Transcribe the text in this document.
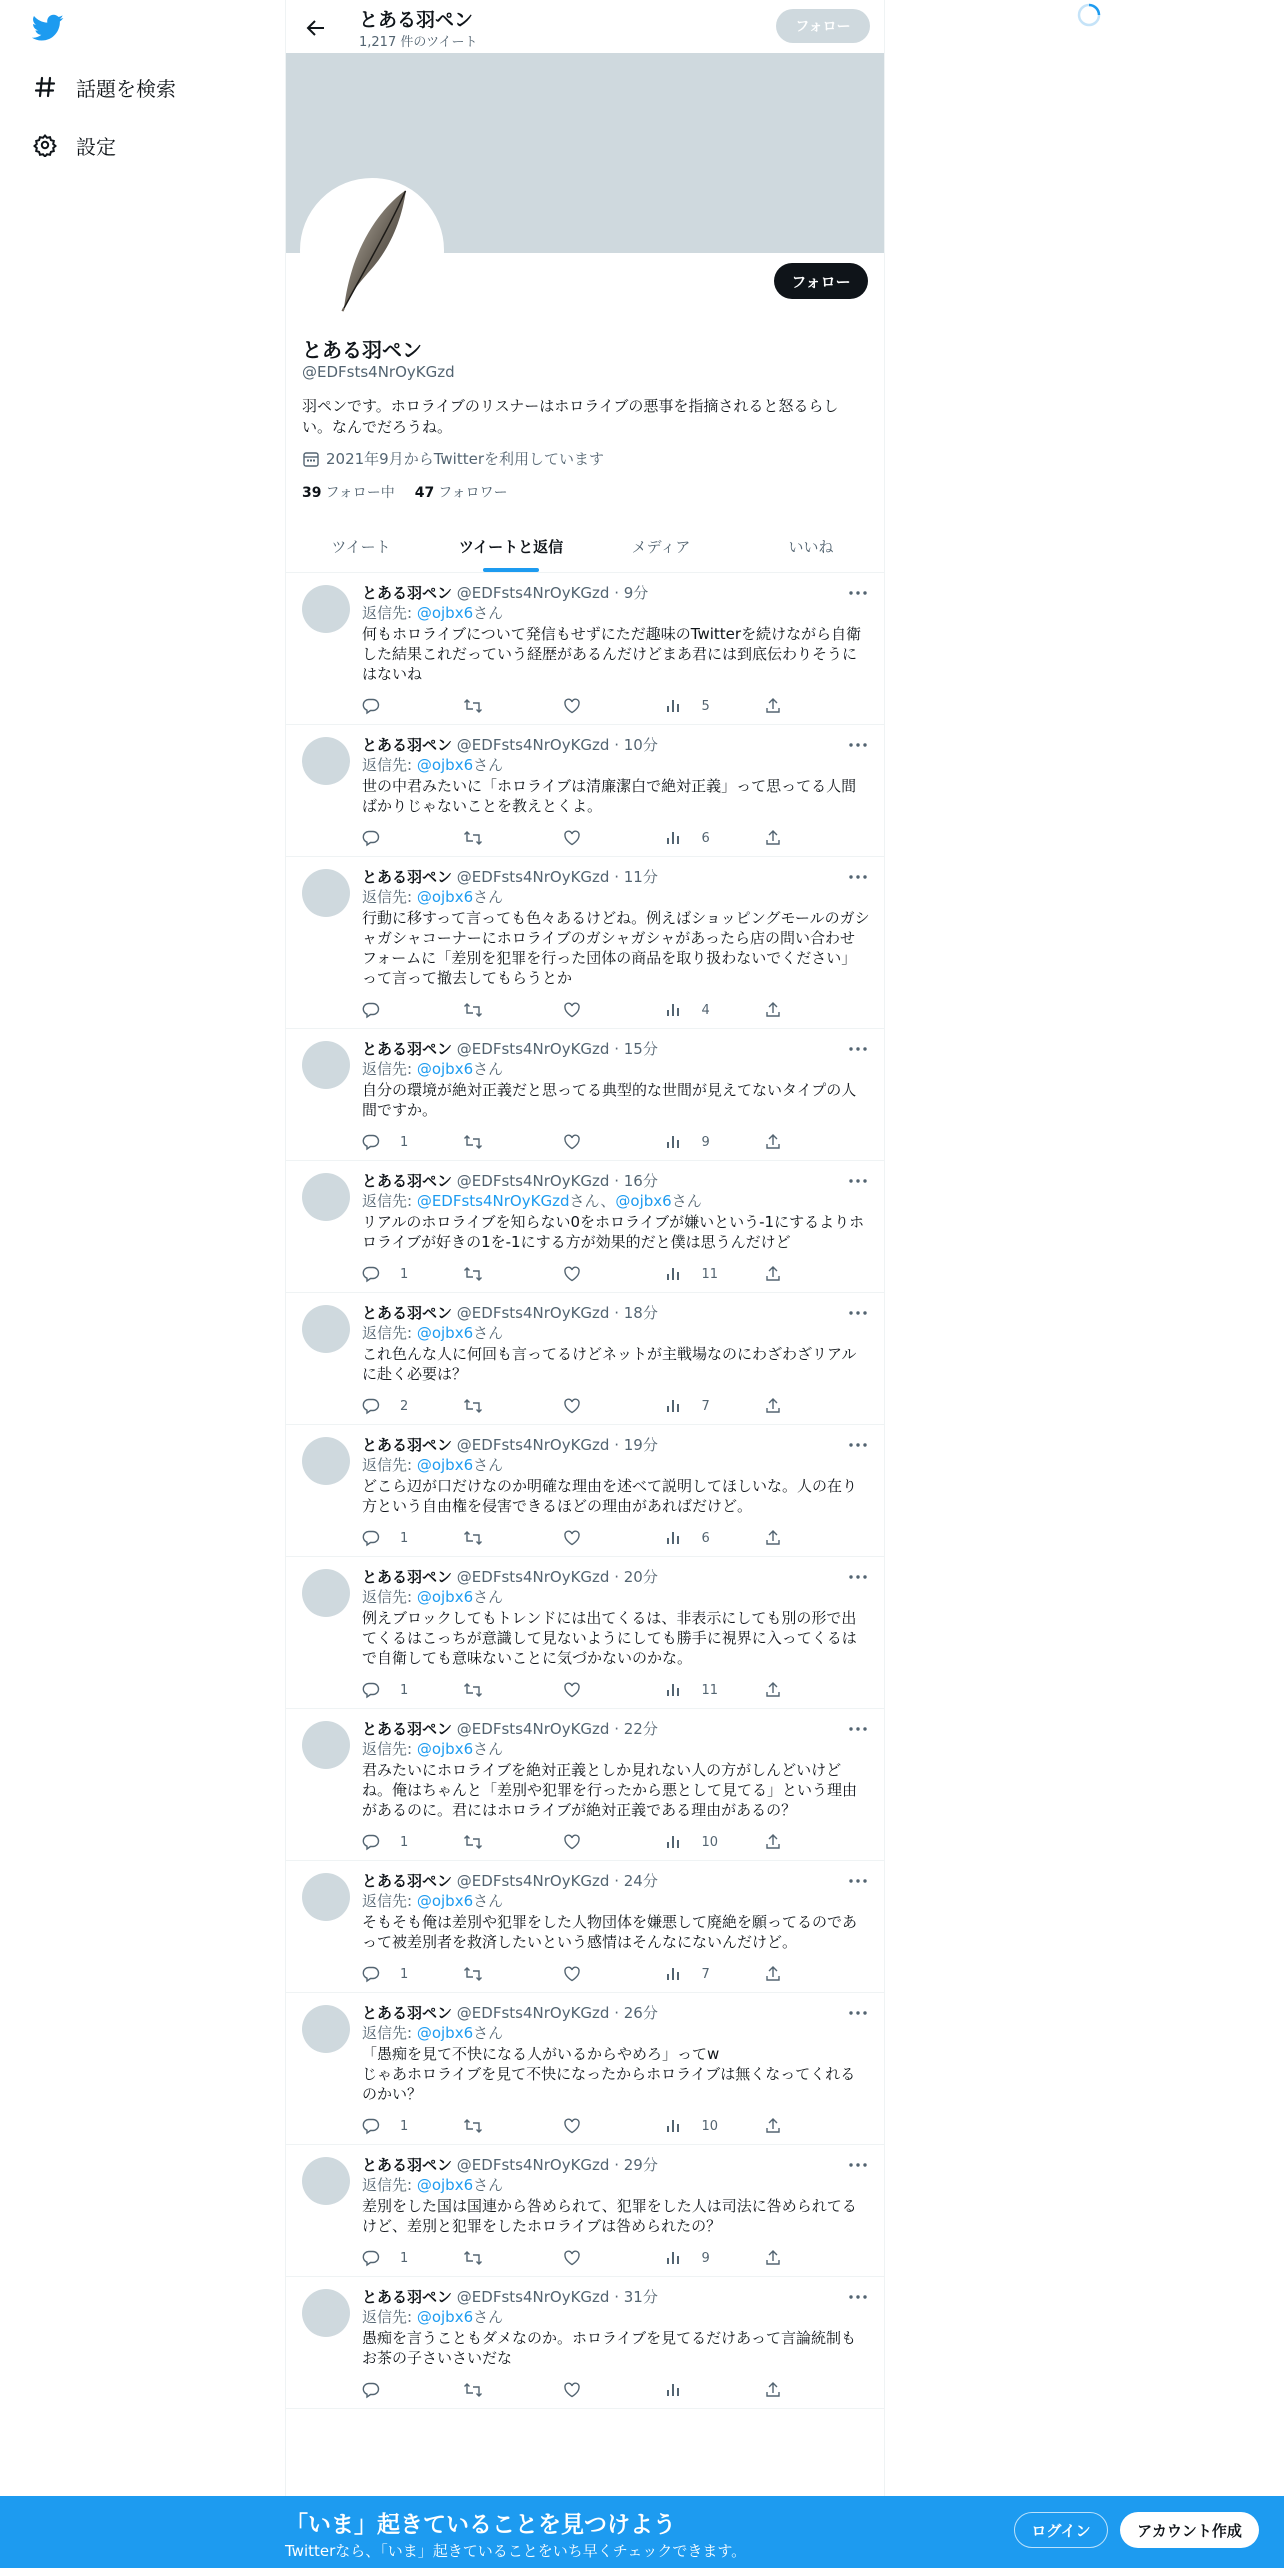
話題を検索
設定
とある羽ペン
1,217 件のツイート
フォロー
フォロー
とある羽ペン
@EDFsts4NrOyKGzd
羽ペンです。ホロライブのリスナーはホロライブの悪事を指摘されると怒るらしい。なんでだろうね。
2021年9月からTwitterを利用しています
39 フォロー中 47 フォロワー
ツイート	ツイートと返信	メディア	いいね
とある羽ペン @EDFsts4NrOyKGzd · 9分
返信先: @ojbx6さん
何もホロライブについて発信もせずにただ趣味のTwitterを続けながら自衛した結果これだっていう経歴があるんだけどまあ君には到底伝わりそうにはないね
5
とある羽ペン @EDFsts4NrOyKGzd · 10分
返信先: @ojbx6さん
世の中君みたいに「ホロライブは清廉潔白で絶対正義」って思ってる人間ばかりじゃないことを教えとくよ。
6
とある羽ペン @EDFsts4NrOyKGzd · 11分
返信先: @ojbx6さん
行動に移すって言っても色々あるけどね。例えばショッピングモールのガシャガシャコーナーにホロライブのガシャガシャがあったら店の問い合わせフォームに「差別を犯罪を行った団体の商品を取り扱わないでください」って言って撤去してもらうとか
4
とある羽ペン @EDFsts4NrOyKGzd · 15分
返信先: @ojbx6さん
自分の環境が絶対正義だと思ってる典型的な世間が見えてないタイプの人間ですか。
1	9
とある羽ペン @EDFsts4NrOyKGzd · 16分
返信先: @EDFsts4NrOyKGzdさん、@ojbx6さん
リアルのホロライブを知らない0をホロライブが嫌いという-1にするよりホロライブが好きの1を-1にする方が効果的だと僕は思うんだけど
1	11
とある羽ペン @EDFsts4NrOyKGzd · 18分
返信先: @ojbx6さん
これ色んな人に何回も言ってるけどネットが主戦場なのにわざわざリアルに赴く必要は？
2	7
とある羽ペン @EDFsts4NrOyKGzd · 19分
返信先: @ojbx6さん
どこら辺が口だけなのか明確な理由を述べて説明してほしいな。人の在り方という自由権を侵害できるほどの理由があればだけど。
1	6
とある羽ペン @EDFsts4NrOyKGzd · 20分
返信先: @ojbx6さん
例えブロックしてもトレンドには出てくるは、非表示にしても別の形で出てくるはこっちが意識して見ないようにしても勝手に視界に入ってくるはで自衛しても意味ないことに気づかないのかな。
1	11
とある羽ペン @EDFsts4NrOyKGzd · 22分
返信先: @ojbx6さん
君みたいにホロライブを絶対正義としか見れない人の方がしんどいけどね。俺はちゃんと「差別や犯罪を行ったから悪として見てる」という理由があるのに。君にはホロライブが絶対正義である理由があるの？
1	10
とある羽ペン @EDFsts4NrOyKGzd · 24分
返信先: @ojbx6さん
そもそも俺は差別や犯罪をした人物団体を嫌悪して廃絶を願ってるのであって被差別者を救済したいという感情はそんなにないんだけど。
1	7
とある羽ペン @EDFsts4NrOyKGzd · 26分
返信先: @ojbx6さん
「愚痴を見て不快になる人がいるからやめろ」ってw
じゃあホロライブを見て不快になったからホロライブは無くなってくれるのかい？
1	10
とある羽ペン @EDFsts4NrOyKGzd · 29分
返信先: @ojbx6さん
差別をした国は国連から咎められて、犯罪をした人は司法に咎められてるけど、差別と犯罪をしたホロライブは咎められたの？
1	9
とある羽ペン @EDFsts4NrOyKGzd · 31分
返信先: @ojbx6さん
愚痴を言うこともダメなのか。ホロライブを見てるだけあって言論統制もお茶の子さいさいだな
「いま」起きていることを見つけよう
Twitterなら、「いま」起きていることをいち早くチェックできます。
ログイン	アカウント作成
